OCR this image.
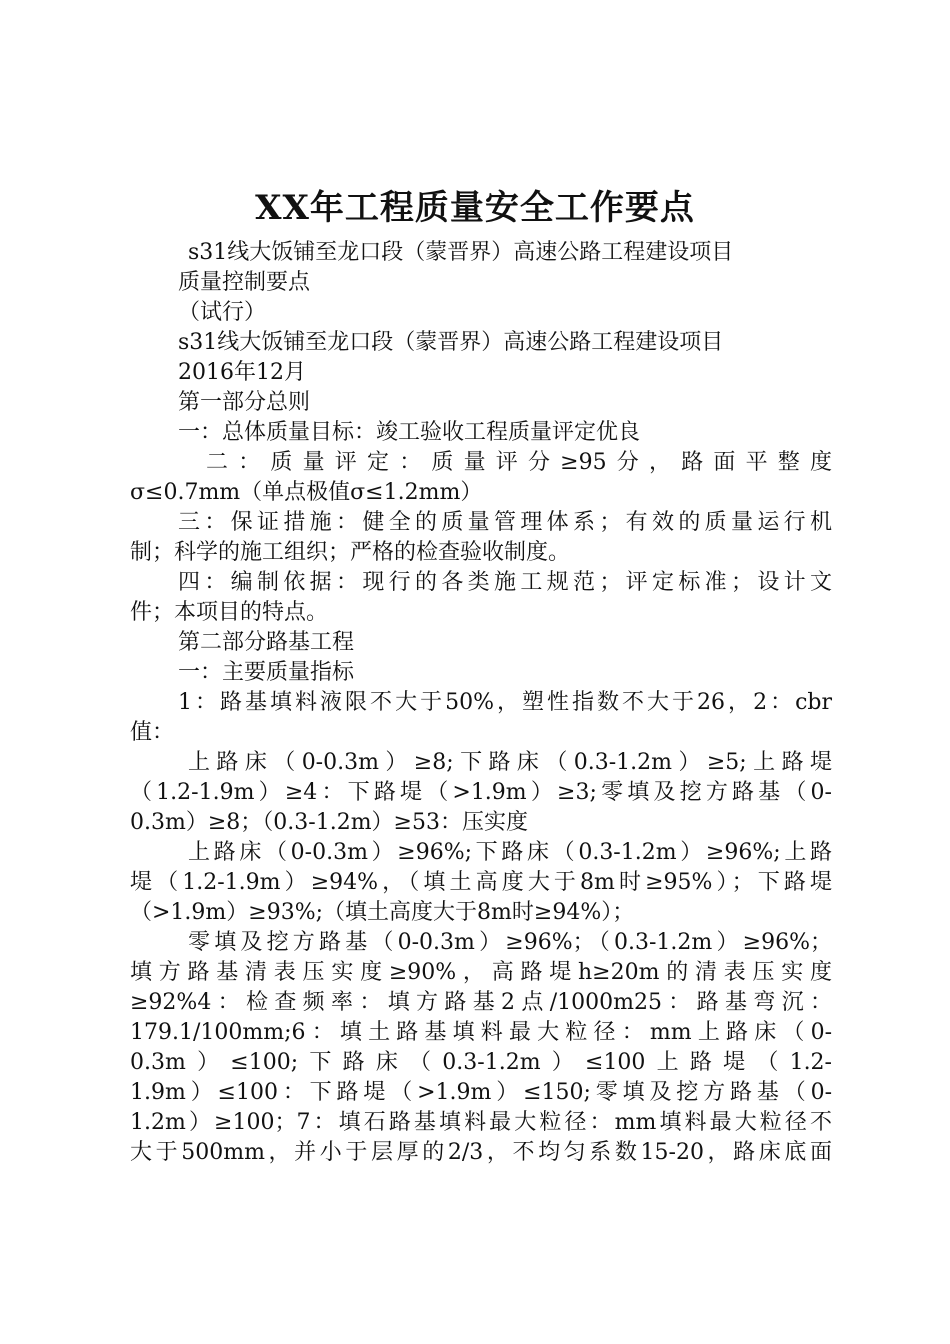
XX年工程质量安全工作要点
s31线大饭铺至龙口段（蒙晋界）高速公路工程建设项目
质量控制要点
（试行）
s31线大饭铺至龙口段（蒙晋界）高速公路工程建设项目
2016年12月
第一部分总则
一：总体质量目标：竣工验收工程质量评定优良
二：质量评定：质量评分≥95分，路面平整度
σ≤0.7mm（单点极值σ≤1.2mm）
三：保证措施：健全的质量管理体系；有效的质量运行机
制；科学的施工组织；严格的检查验收制度。
四：编制依据：现行的各类施工规范；评定标准；设计文
件；本项目的特点。
第二部分路基工程
一：主要质量指标
1：路基填料液限不大于50%，塑性指数不大于26，2：cbr
值：
上路床（0-0.3m）≥8;下路床（0.3-1.2m）≥5;上路堤
（1.2-1.9m）≥4：下路堤（>1.9m）≥3;零填及挖方路基（0-
0.3m）≥8；（0.3-1.2m）≥53：压实度
上路床（0-0.3m）≥96%;下路床（0.3-1.2m）≥96%;上路
堤（1.2-1.9m）≥94%，（填土高度大于8m时≥95%）；下路堤
（>1.9m）≥93%;（填土高度大于8m时≥94%）；
零填及挖方路基（0-0.3m）≥96%；（0.3-1.2m）≥96%；
填方路基清表压实度≥90%，高路堤h≥20m的清表压实度
≥92%4：检查频率：填方路基2点/1000m25：路基弯沉：
179.1/100mm;6：填土路基填料最大粒径：mm上路床（0-
0.3m）≤100;下路床（0.3-1.2m）≤100上路堤（1.2-
1.9m）≤100：下路堤（>1.9m）≤150;零填及挖方路基（0-
1.2m）≥100；7：填石路基填料最大粒径：mm填料最大粒径不
大于500mm，并小于层厚的2/3，不均匀系数15-20，路床底面
